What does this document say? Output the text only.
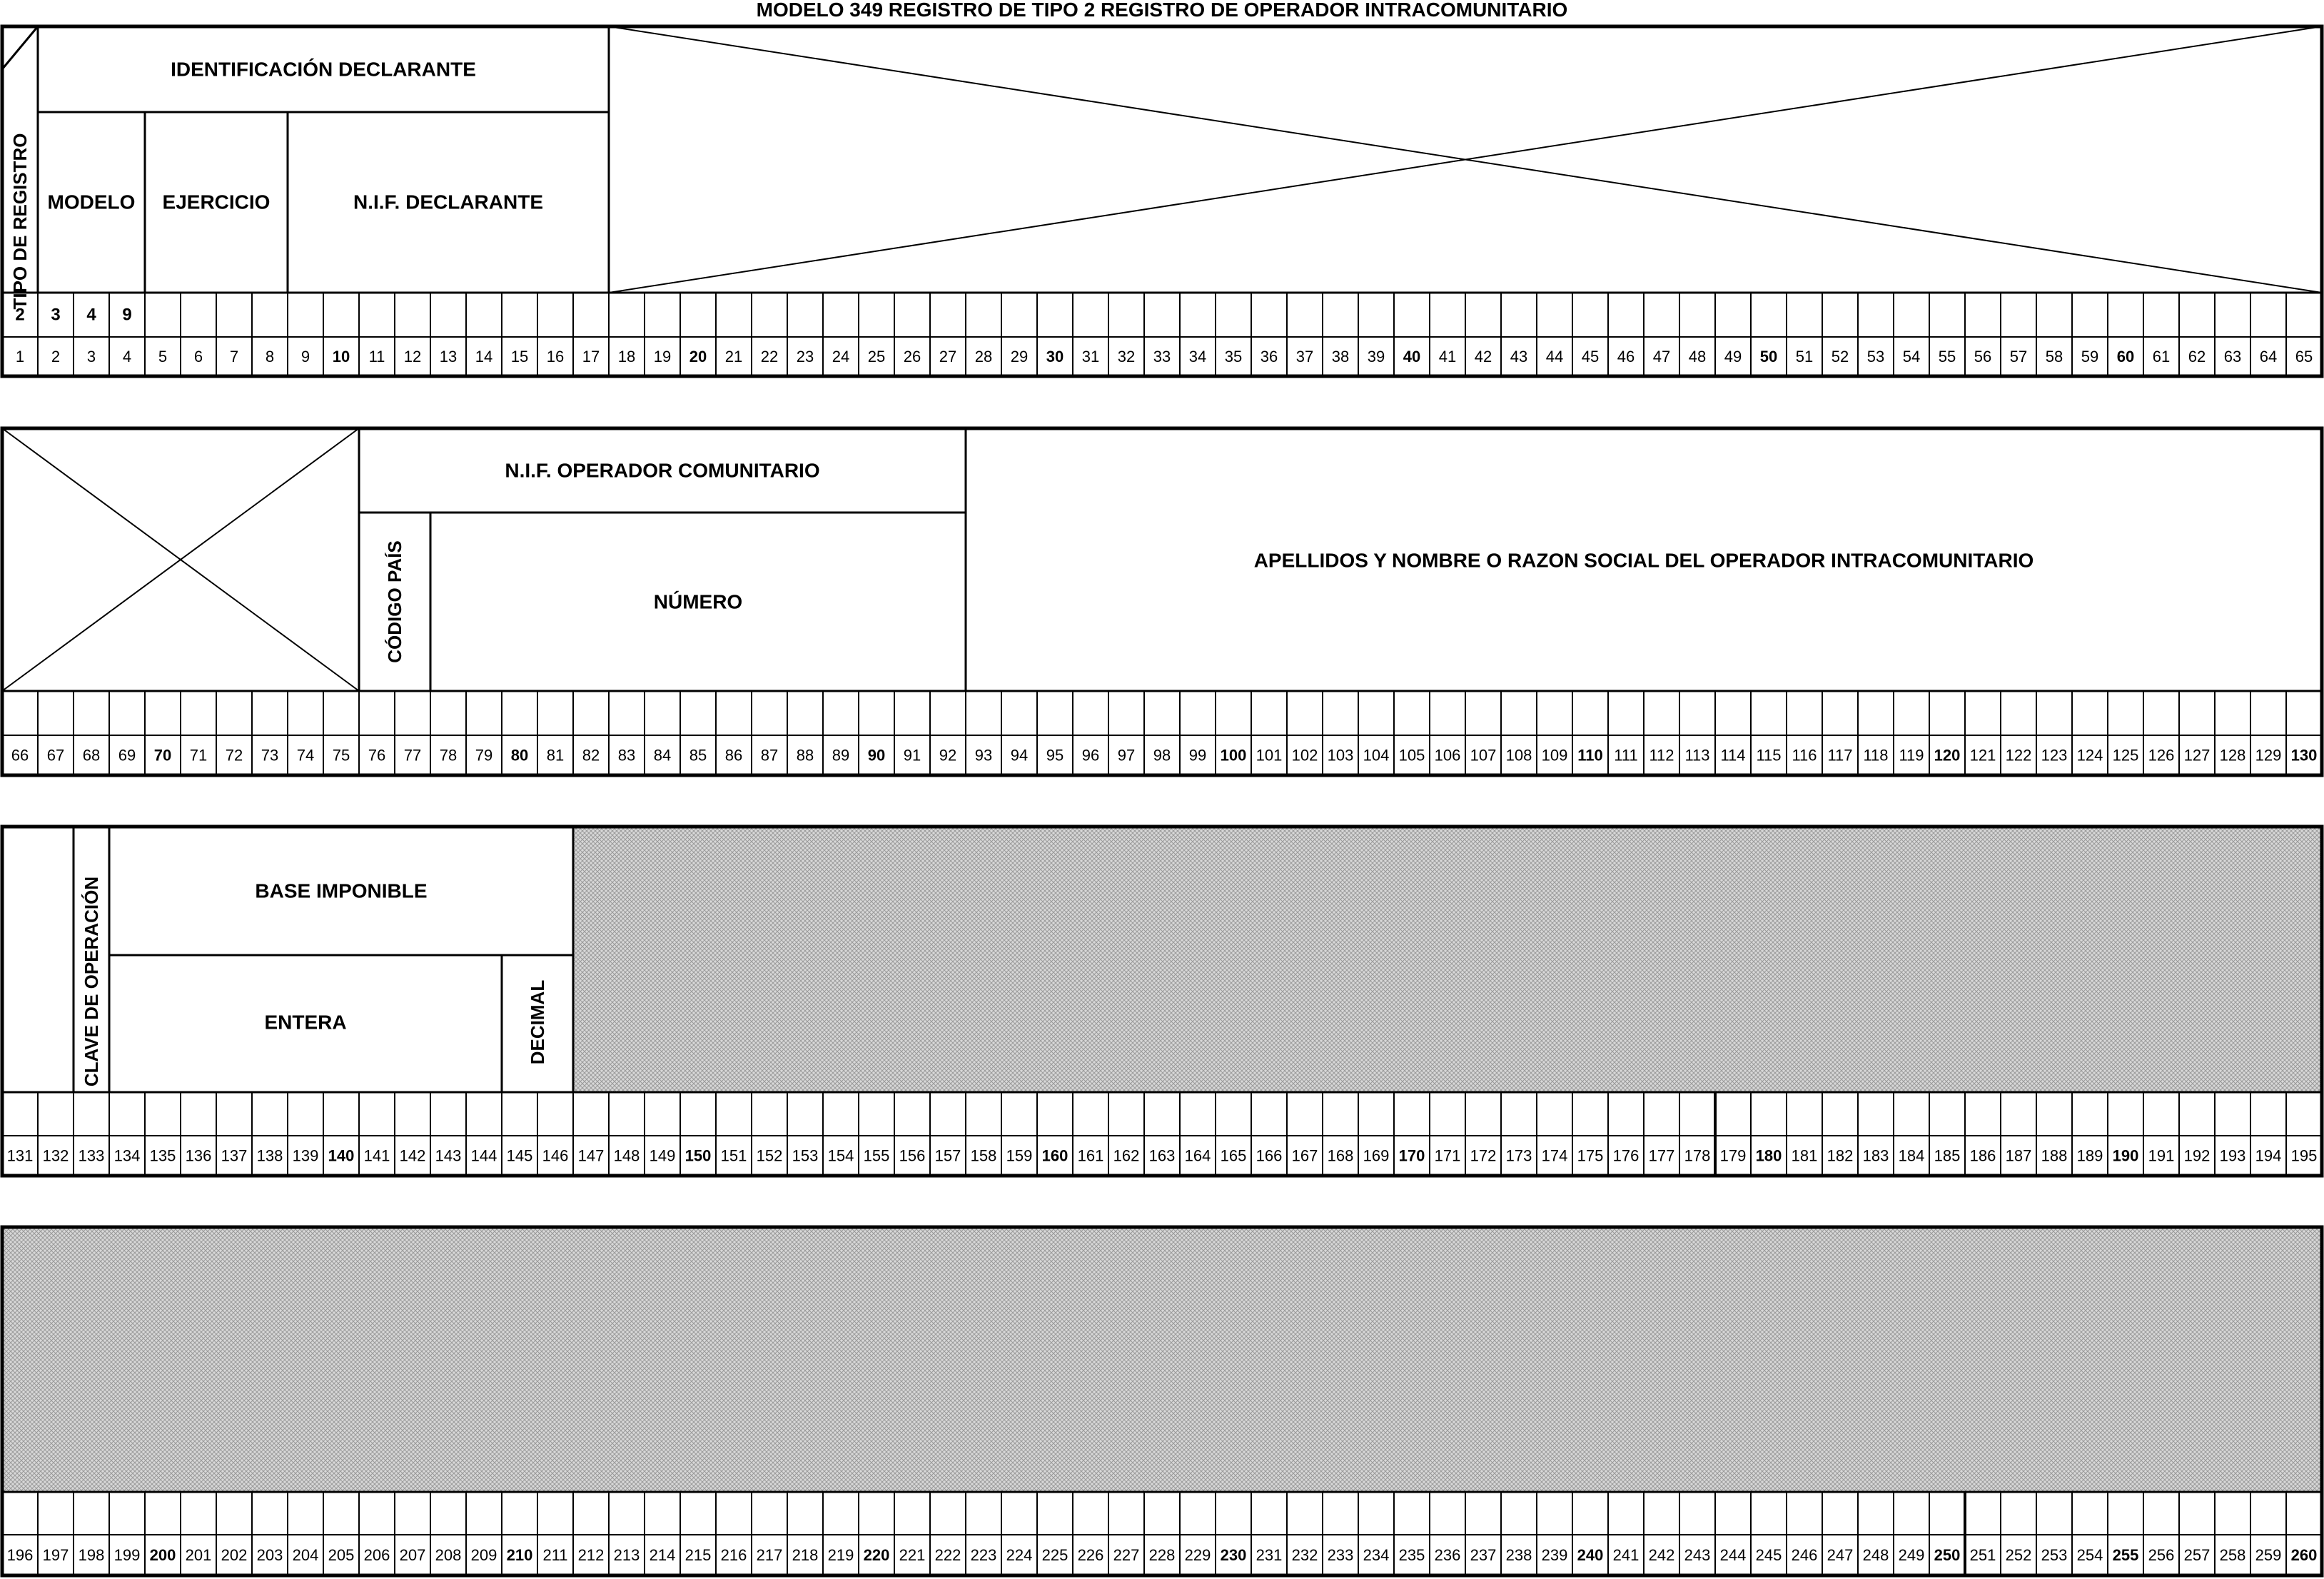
MODELO 349 REGISTRO DE TIPO 2 REGISTRO DE OPERADOR INTRACOMUNITARIO
TIPO DE REGISTRO
IDENTIFICACIÓN DECLARANTE
MODELO EJERCICIO	N.I.F. DECLARANTE
2 3 4 9
1 2 3 4 5 6 7 8 9 10 11 12 13 14 15 16 17 18 19 20 21 22 23 24 25 26 27 28 29 30 31 32 33 34 35 36 37 38 39 40 41 42 43 44 45 46 47 48 49 50 51 52 53 54 55 56 57 58 59 60 61 62 63 64 65
N.I.F. OPERADOR COMUNITARIO
CÓDIGO PAÍS	NÚMERO
APELLIDOS Y NOMBRE O RAZON SOCIAL DEL OPERADOR INTRACOMUNITARIO
66 67 68 69 70 71 72 73 74 75 76 77 78 79 80 81 82 83 84 85 86 87 88 89 90 91 92 93 94 95 96 97 98 99 100 101 102 103 104 105 106 107 108 109 110 111 112 113 114 115 116 117 118 119 120 121 122 123 124 125 126 127 128 129 130
CLAVE DE OPERACIÓN	BASE IMPONIBLE
ENTERA	DECIMAL
131 132 133 134 135 136 137 138 139 140 141 142 143 144 145 146 147 148 149 150 151 152 153 154 155 156 157 158 159 160 161 162 163 164 165 166 167 168 169 170 171 172 173 174 175 176 177 178 179 180 181 182 183 184 185 186 187 188 189 190 191 192 193 194 195
196 197 198 199 200 201 202 203 204 205 206 207 208 209 210 211 212 213 214 215 216 217 218 219 220 221 222 223 224 225 226 227 228 229 230 231 232 233 234 235 236 237 238 239 240 241 242 243 244 245 246 247 248 249 250 251 252 253 254 255 256 257 258 259 260
